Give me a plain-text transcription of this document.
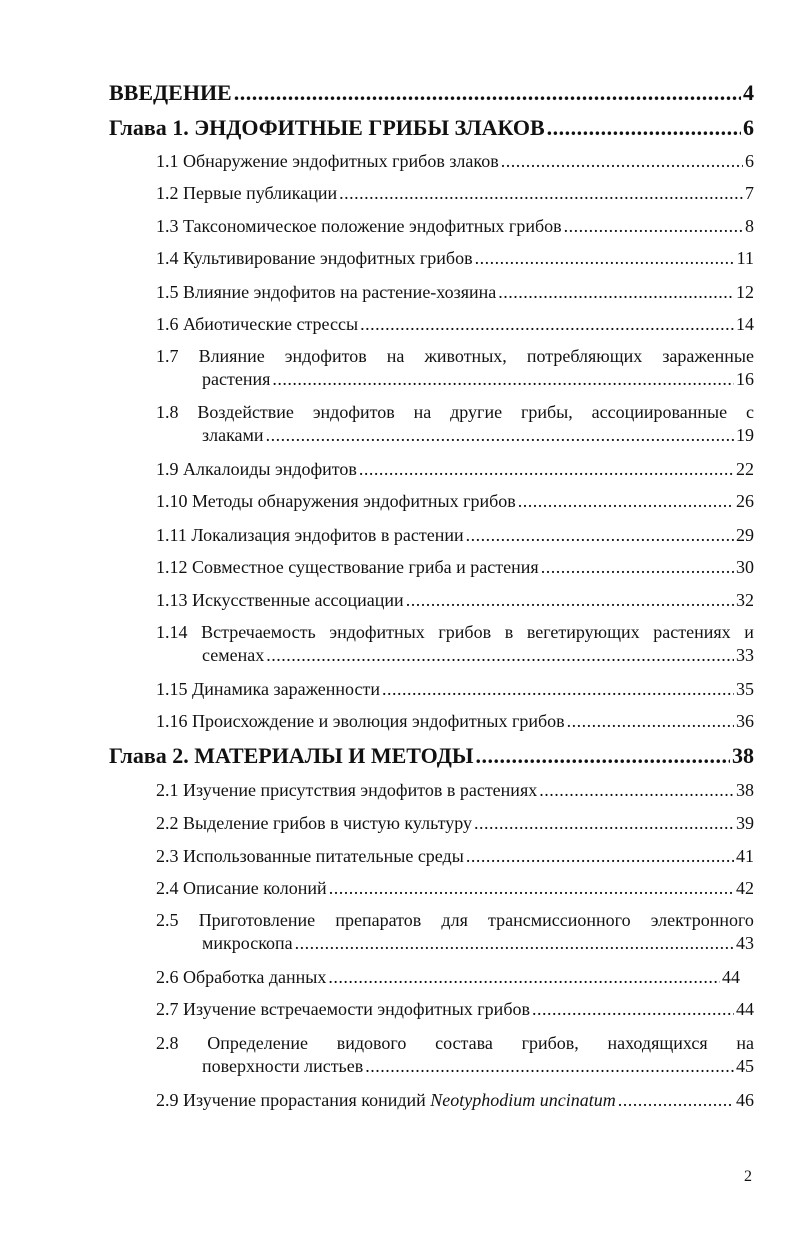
ВВЕДЕНИЕ .....	4
Глава 1. ЭНДОФИТНЫЕ ГРИБЫ ЗЛАКОВ .....	6
1.1 Обнаружение эндофитных грибов злаков .....	6
1.2 Первые публикации .....	7
1.3 Таксономическое положение эндофитных грибов .....	8
1.4 Культивирование эндофитных грибов .....	11
1.5 Влияние эндофитов на растение-хозяина .....	12
1.6 Абиотические стрессы .....	14
1.7 Влияние эндофитов на животных, потребляющих зараженные
растения .....	16
1.8 Воздействие эндофитов на другие грибы, ассоциированные с
злаками .....	19
1.9 Алкалоиды эндофитов .....	22
1.10 Методы обнаружения эндофитных грибов .....	26
1.11 Локализация эндофитов в растении .....	29
1.12 Совместное существование гриба и растения .....	30
1.13 Искусственные ассоциации .....	32
1.14 Встречаемость эндофитных грибов в вегетирующих растениях и
семенах .....	33
1.15 Динамика зараженности .....	35
1.16 Происхождение и эволюция эндофитных грибов .....	36
Глава 2. МАТЕРИАЛЫ И МЕТОДЫ .....	38
2.1 Изучение присутствия эндофитов в растениях .....	38
2.2 Выделение грибов в чистую культуру .....	39
2.3 Использованные питательные среды .....	41
2.4 Описание колоний .....	42
2.5 Приготовление препаратов для трансмиссионного электронного
микроскопа .....	43
2.6 Обработка данных .....	44
2.7 Изучение встречаемости эндофитных грибов .....	44
2.8 Определение видового состава грибов, находящихся на
поверхности листьев .....	45
2.9 Изучение прорастания конидий Neotyphodium uncinatum .....	46
2
